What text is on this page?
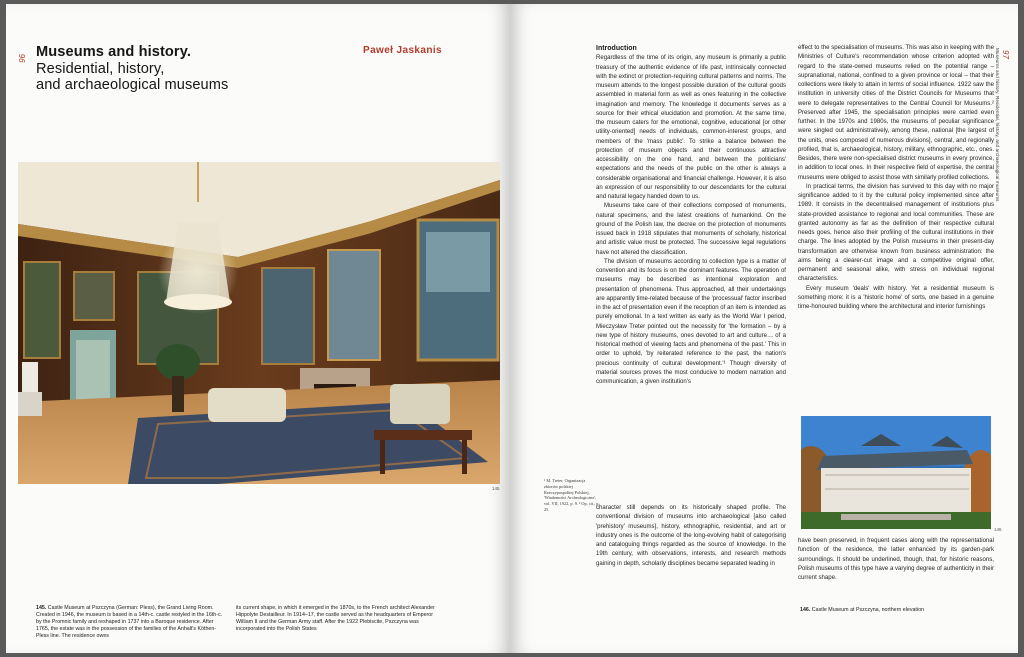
96 Museums and history.
Residential, history,
and archaeological museums
Paweł Jaskanis
145
145. Castle Museum at Pszczyna (German: Pless), the Grand Living Room. Created in 1946, the museum is based in a 14th-c. castle restyled in the 16th-c. by the Promnic family and reshaped in 1737 into a Baroque residence. After 1765, the estate was in the possession of the families of the Anhalt's Köthen-Pless line. The residence owes
its current shape, in which it emerged in the 1870s, to the French architect Alexander Hippolyte Destailleur. In 1914–17, the castle served as the headquarters of Emperor William II and the German Army staff. After the 1922 Plebiscite, Pszczyna was incorporated into the Polish States
97
Museums and history. Residential, history, and archaeological museums
Introduction

Regardless of the time of its origin, any museum is primarily a public treasury of the authentic evidence of life past, intrinsically connected with the extinct or protection-requiring cultural patterns and norms. The museum attends to the longest possible duration of the cultural goods assembled in material form as well as ones featuring in the collective imagination and memory. The knowledge it documents serves as a source for their ethical elucidation and promotion. At the same time, the museum caters for the emotional, cognitive, educational [or other utility-oriented] needs of individuals, common-interest groups, and members of the 'mass public'. To strike a balance between the protection of museum objects and their continuous attractive accessibility on the one hand, and between the politicians' expectations and the needs of the public on the other is always a considerable organisational and financial challenge. However, it is also an expression of our responsibility to our descendants for the cultural and natural legacy handed down to us.

Museums take care of their collections composed of monuments, natural specimens, and the latest creations of humankind. On the ground of the Polish law, the decree on the protection of monuments issued back in 1918 stipulates that monuments of scholarly, historical and artistic value must be protected. The successive legal regulations have not altered the classification.

The division of museums according to collection type is a matter of convention and its focus is on the dominant features. The operation of museums may be described as intentional exploration and presentation of phenomena. Thus approached, all their undertakings are apparently time-related because of the 'processual' factor inscribed in the act of presentation even if the reception of an item is intended as purely emotional. In a text written as early as the World War I period, Mieczysław Treter pointed out the necessity for 'the formation – by a new type of history museums, ones devoted to art and culture… of a historical method of viewing facts and phenomena of the past.' This in order to uphold, 'by reiterated reference to the past, the nation's precious continuity of cultural development.'¹ Though diversity of material sources proves the most conducive to modern narration and communication, a given institution's

¹ M. Treter, Organizacja zbiorów polskiej Rzeczypospolitej Polskiej, 'Wiadomości Archeologiczne', vol. VII, 1922, p. 9. ² Op. cit., p. 25.

effect to the specialisation of museums. This was also in keeping with the Ministries of Culture's recommendation whose criterion adopted with regard to the state-owned museums relied on the potential range – supranational, national, confined to a given province or local – that their collections were likely to attain in terms of social influence. 1922 saw the institution in university cities of the District Councils for Museums that were to delegate representatives to the Central Council for Museums.² Preserved after 1945, the specialisation principles were carried even further. In the 1970s and 1980s, the museums of peculiar significance were singled out administratively, among these, national [the largest of the units, ones composed of numerous divisions], central, and regionally profiled, that is, archaeological, history, military, ethnographic, etc., ones. Besides, there were non-specialised district museums in every province, in addition to local ones. In their respective field of expertise, the central museums were obliged to assist those with similarly profiled collections.

In practical terms, the division has survived to this day with no major significance added to it by the cultural policy implemented since after 1989. It consists in the decentralised management of institutions plus state-provided assistance to regional and local communities. These are granted autonomy as far as the definition of their respective cultural needs goes, hence also their profiling of the cultural institutions in their charge. The lines adopted by the Polish museums in their present-day transformation are otherwise known from business administration: the aims being a clearer-cut image and a competitive original offer, permanent and seasonal alike, with stress on individual regional characteristics.

Every museum 'deals' with history. Yet a residential museum is something more: it is a 'historic home' of sorts, one based in a genuine time-honoured building where the architectural and interior furnishings

146

have been preserved, in frequent cases along with the representational function of the residence, the latter enhanced by its garden-park surroundings. It should be underlined, though, that, for historic reasons, Polish museums of this type have a varying degree of authenticity in their current shape.

146. Castle Museum at Pszczyna, northern elevation

character still depends on its historically shaped profile. The conventional division of museums into archaeological [also called 'prehistory' museums], history, ethnographic, residential, and art or industry ones is the outcome of the long-evolving habit of categorising and cataloguing things regarded as the source of knowledge. In the 19th century, with observations, interests, and research methods gaining in depth, scholarly disciplines became separated leading in
